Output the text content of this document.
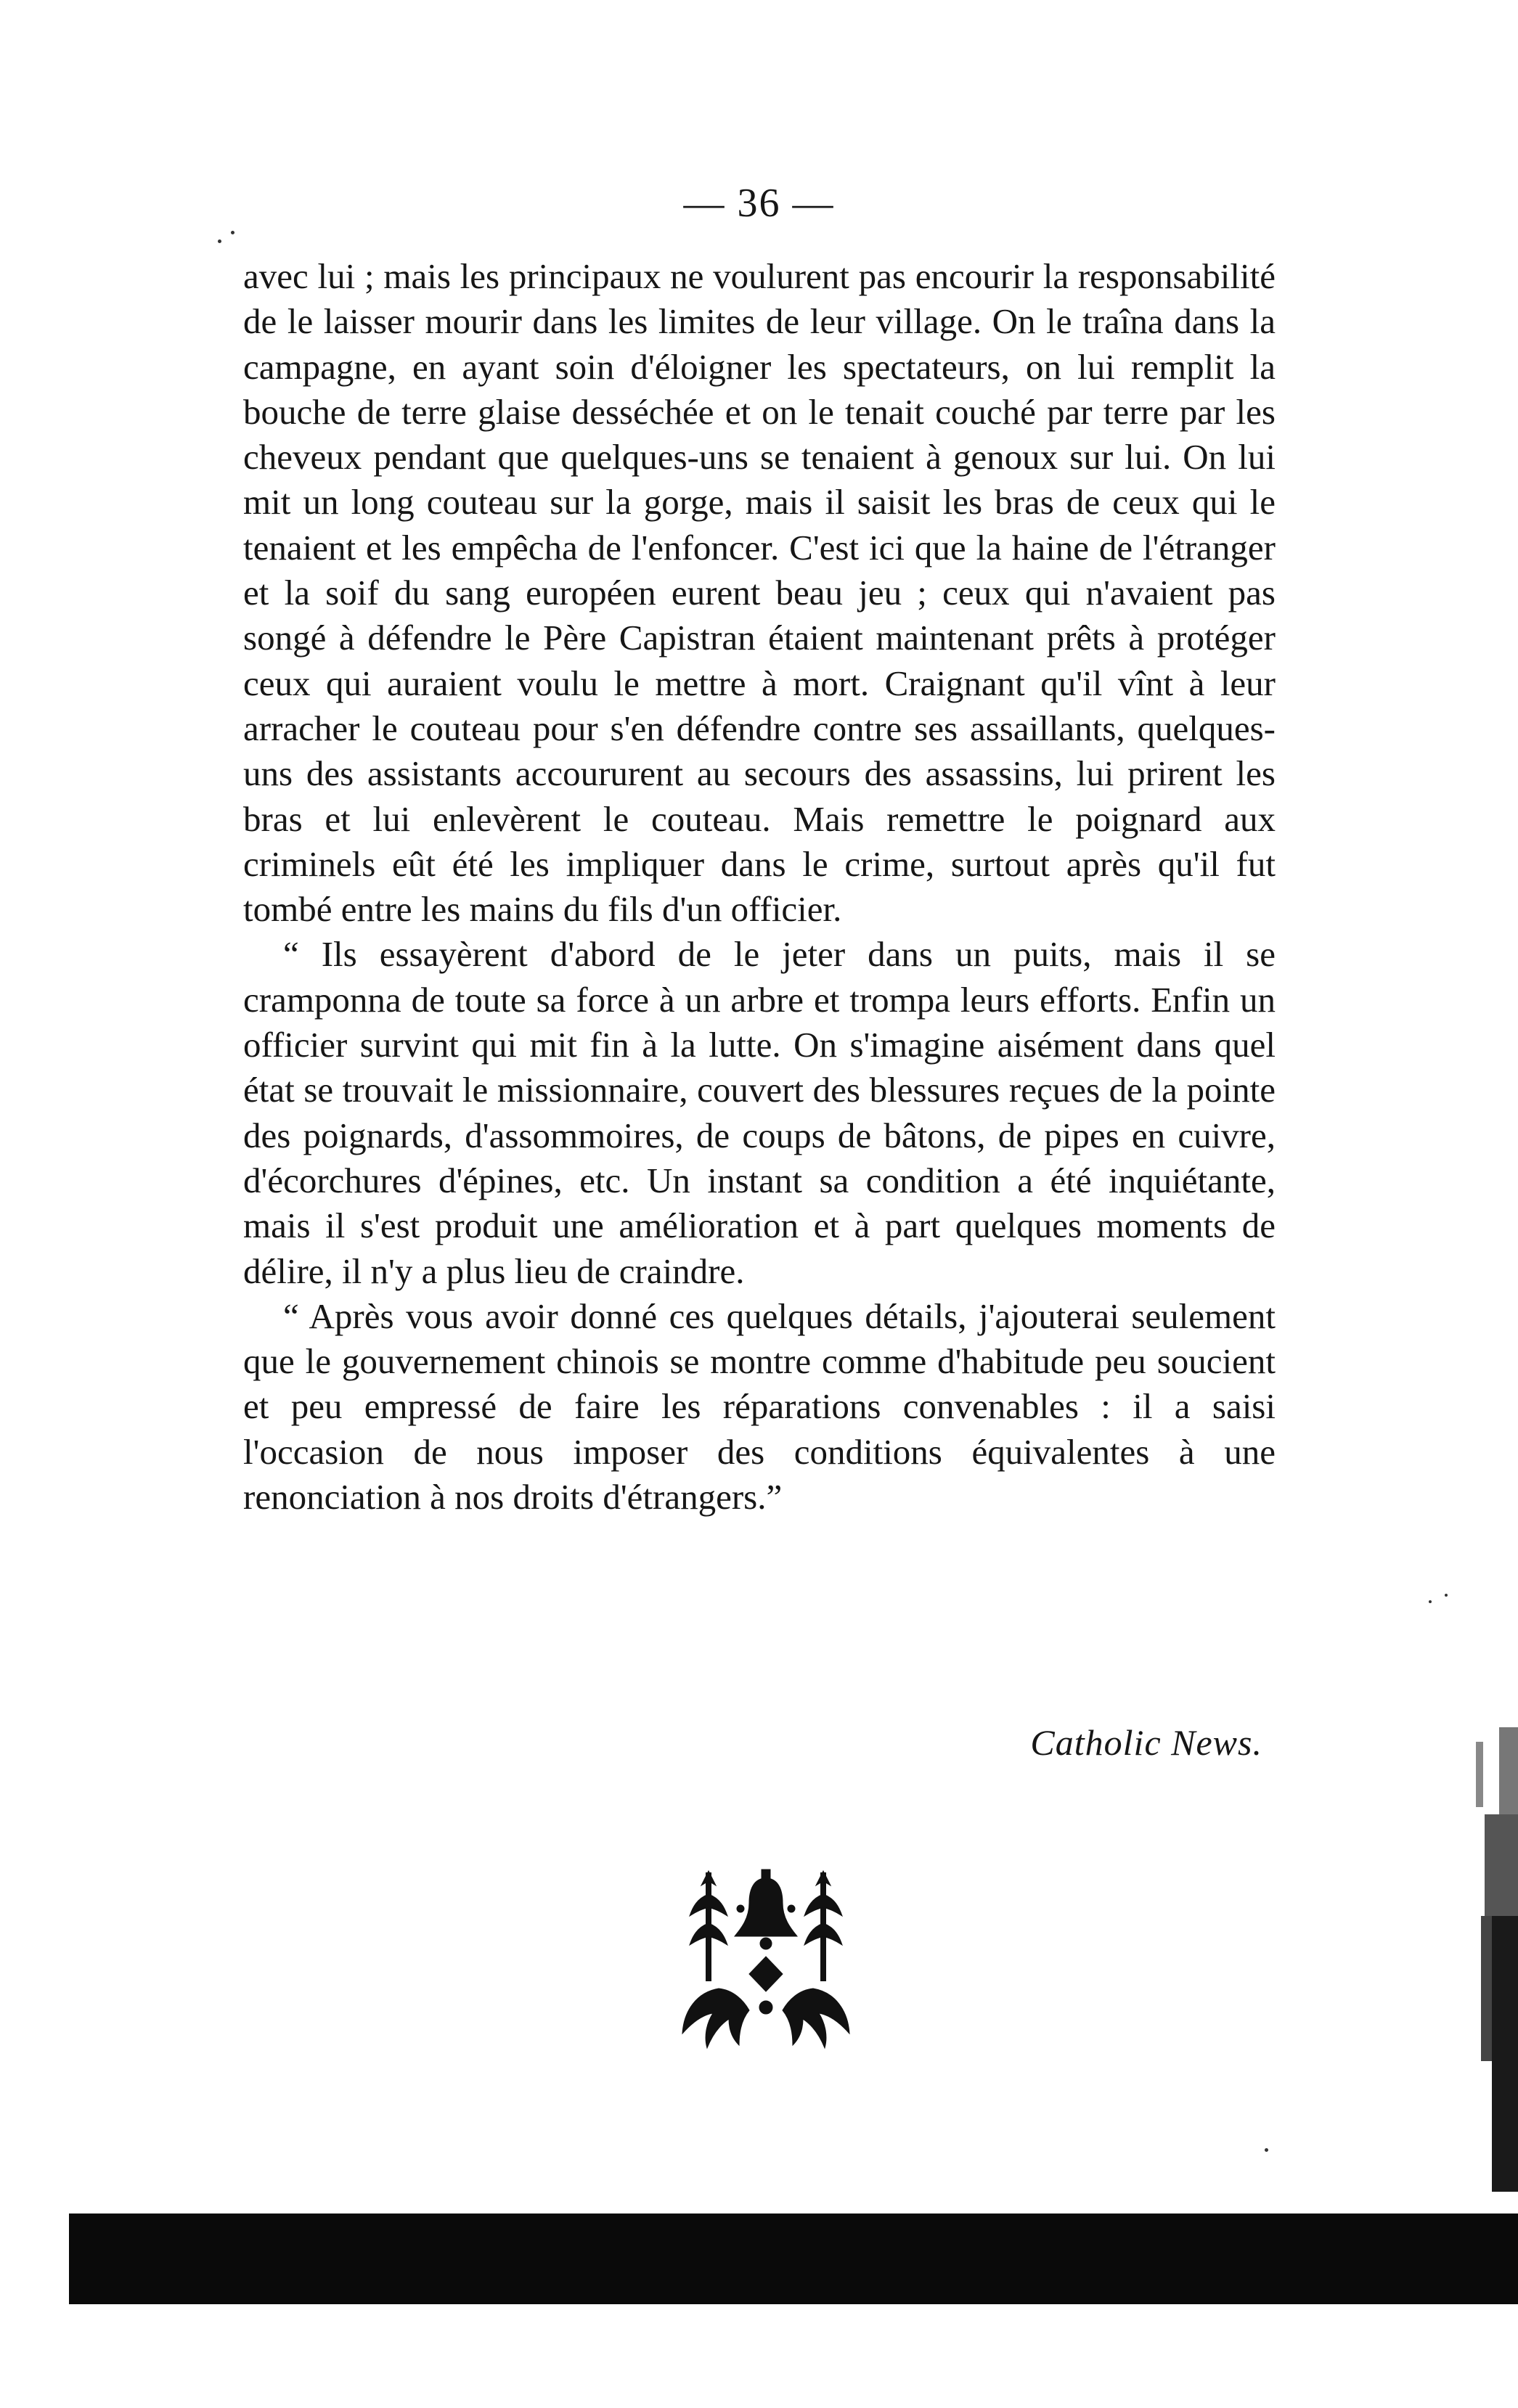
— 36 —

avec lui ; mais les principaux ne voulurent pas encourir la responsabilité de le laisser mourir dans les limites de leur village. On le traîna dans la campagne, en ayant soin d'éloigner les spectateurs, on lui remplit la bouche de terre glaise desséchée et on le tenait couché par terre par les cheveux pendant que quelques-uns se tenaient à genoux sur lui. On lui mit un long couteau sur la gorge, mais il saisit les bras de ceux qui le tenaient et les empêcha de l'enfoncer. C'est ici que la haine de l'étranger et la soif du sang européen eurent beau jeu ; ceux qui n'avaient pas songé à défendre le Père Capistran étaient maintenant prêts à protéger ceux qui auraient voulu le mettre à mort. Craignant qu'il vînt à leur arracher le couteau pour s'en défendre contre ses assaillants, quelques-uns des assistants accoururent au secours des assassins, lui prirent les bras et lui enlevèrent le couteau. Mais remettre le poignard aux criminels eût été les impliquer dans le crime, surtout après qu'il fut tombé entre les mains du fils d'un officier.

“ Ils essayèrent d'abord de le jeter dans un puits, mais il se cramponna de toute sa force à un arbre et trompa leurs efforts. Enfin un officier survint qui mit fin à la lutte. On s'imagine aisément dans quel état se trouvait le missionnaire, couvert des blessures reçues de la pointe des poignards, d'assommoires, de coups de bâtons, de pipes en cuivre, d'écorchures d'épines, etc. Un instant sa condition a été inquiétante, mais il s'est produit une amélioration et à part quelques moments de délire, il n'y a plus lieu de craindre.

“ Après vous avoir donné ces quelques détails, j'ajouterai seulement que le gouvernement chinois se montre comme d'habitude peu soucient et peu empressé de faire les réparations convenables : il a saisi l'occasion de nous imposer des conditions équivalentes à une renonciation à nos droits d'étrangers.”

Catholic News.
